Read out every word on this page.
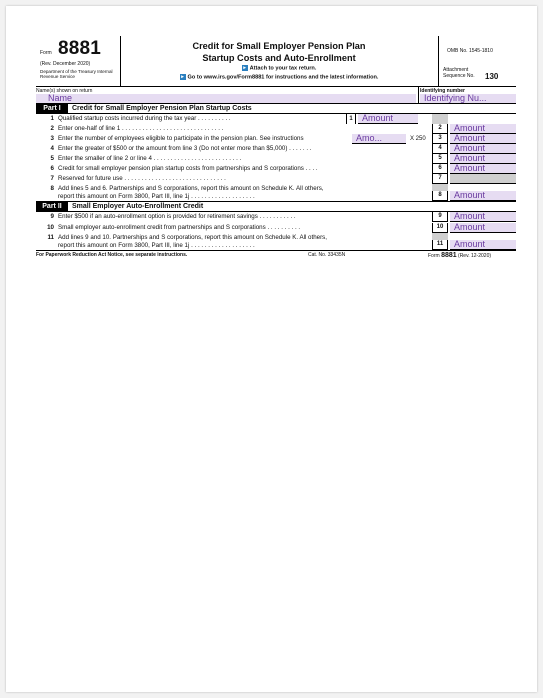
Form 8881
(Rev. December 2020)
Department of the Treasury Internal Revenue Service
Credit for Small Employer Pension Plan
Startup Costs and Auto-Enrollment
▸ Attach to your tax return.
▸ Go to www.irs.gov/Form8881 for instructions and the latest information.
OMB No. 1545-1810
Attachment
Sequence No. 130
Name(s) shown on return
Name
Identifying number
Identifying Nu...
Part I	Credit for Small Employer Pension Plan Startup Costs
1 Qualified startup costs incurred during the tax year . . . . . . . . . .	1	Amount
2 Enter one-half of line 1 . . . . . . . . . . . . . . . . . . . . . . . . . . . . . .	2	Amount
3 Enter the number of employees eligible to participate in the pension plan. See instructions	Amo...	X 250	3	Amount
4 Enter the greater of $500 or the amount from line 3 (Do not enter more than $5,000) . . . . . . .	4	Amount
5 Enter the smaller of line 2 or line 4 . . . . . . . . . . . . . . . . . . . . . . . . . .	5	Amount
6 Credit for small employer pension plan startup costs from partnerships and S corporations . . . .	6	Amount
7 Reserved for future use . . . . . . . . . . . . . . . . . . . . . . . . . . . . . .	7
8 Add lines 5 and 6. Partnerships and S corporations, report this amount on Schedule K. All others,
report this amount on Form 3800, Part III, line 1j . . . . . . . . . . . . . . . . . . .	8	Amount
Part II	Small Employer Auto-Enrollment Credit
9 Enter $500 if an auto-enrollment option is provided for retirement savings . . . . . . . . . . .	9	Amount
10 Small employer auto-enrollment credit from partnerships and S corporations . . . . . . . . . .	10	Amount
11 Add lines 9 and 10. Partnerships and S corporations, report this amount on Schedule K. All others,
report this amount on Form 3800, Part III, line 1j . . . . . . . . . . . . . . . . . . .	11	Amount
For Paperwork Reduction Act Notice, see separate instructions.	Cat. No. 33435N	Form 8881 (Rev. 12-2020)
